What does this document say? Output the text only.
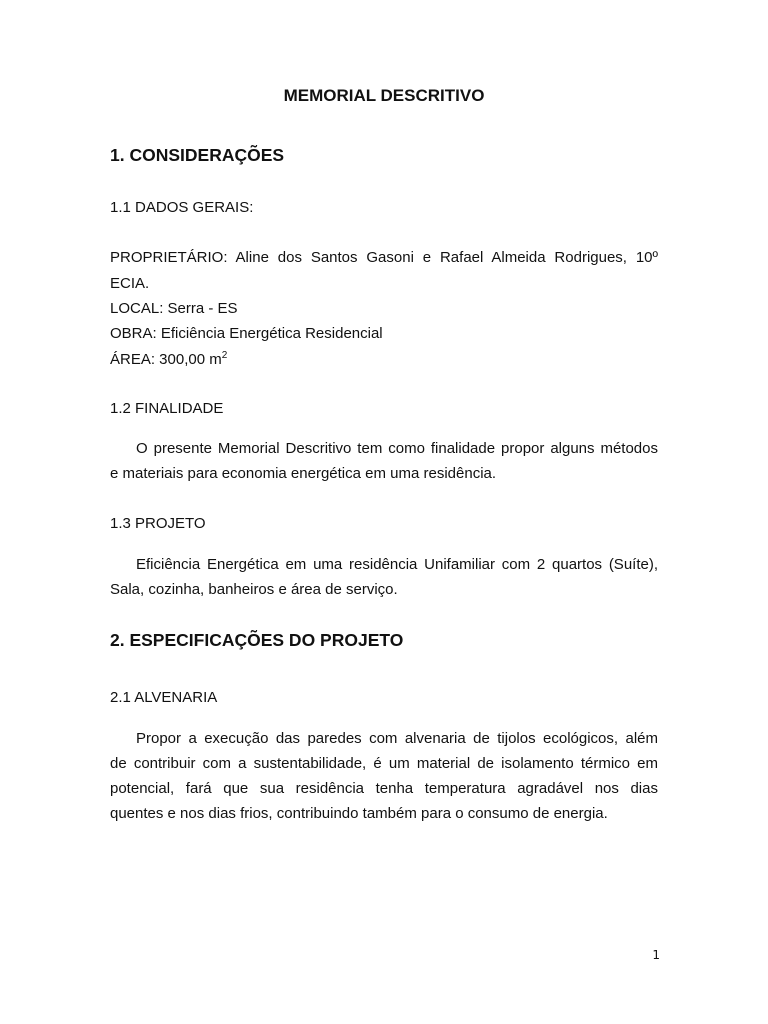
MEMORIAL DESCRITIVO
1. CONSIDERAÇÕES
1.1 DADOS GERAIS:
PROPRIETÁRIO: Aline dos Santos Gasoni e Rafael Almeida Rodrigues, 10º
ECIA.
LOCAL: Serra - ES
OBRA: Eficiência Energética Residencial
ÁREA: 300,00 $m^2$
1.2 FINALIDADE
O presente Memorial Descritivo tem como finalidade propor alguns métodos
e materiais para economia energética em uma residência.
1.3 PROJETO
Eficiência Energética em uma residência Unifamiliar com 2 quartos (Suíte),
Sala, cozinha, banheiros e área de serviço.
2. ESPECIFICAÇÕES DO PROJETO
2.1 ALVENARIA
Propor a execução das paredes com alvenaria de tijolos ecológicos, além
de contribuir com a sustentabilidade, é um material de isolamento térmico em
potencial, fará que sua residência tenha temperatura agradável nos dias
quentes e nos dias frios, contribuindo também para o consumo de energia.
1
